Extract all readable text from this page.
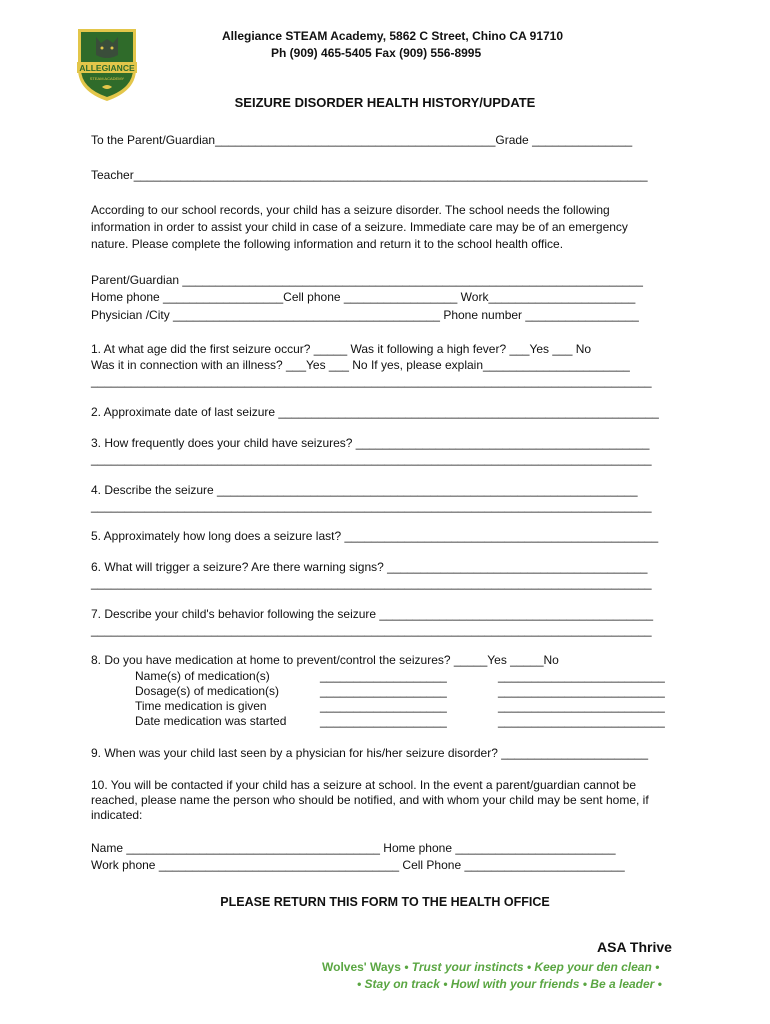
ALLEGIANCE
STEAM ACADEMY
Allegiance STEAM Academy, 5862 C Street, Chino CA 91710
Ph (909) 465-5405 Fax (909) 556-8995
SEIZURE DISORDER HEALTH HISTORY/UPDATE
To the Parent/Guardian__________________________________________Grade _______________
Teacher_____________________________________________________________________________
According to our school records, your child has a seizure disorder. The school needs the following
information in order to assist your child in case of a seizure. Immediate care may be of an emergency
nature. Please complete the following information and return it to the school health office.
Parent/Guardian _____________________________________________________________________
Home phone __________________Cell phone _________________ Work______________________
Physician /City ________________________________________ Phone number _________________
1. At what age did the first seizure occur? _____ Was it following a high fever? ___Yes ___ No
Was it in connection with an illness? ___Yes ___ No If yes, please explain______________________
____________________________________________________________________________________
2. Approximate date of last seizure _________________________________________________________
3. How frequently does your child have seizures? ____________________________________________
____________________________________________________________________________________
4. Describe the seizure _______________________________________________________________
____________________________________________________________________________________
5. Approximately how long does a seizure last? _______________________________________________
6. What will trigger a seizure? Are there warning signs? _______________________________________
____________________________________________________________________________________
7. Describe your child's behavior following the seizure _________________________________________
____________________________________________________________________________________
8. Do you have medication at home to prevent/control the seizures? _____Yes _____No
Name(s) of medication(s)	___________________	_________________________
Dosage(s) of medication(s)	___________________	_________________________
Time medication is given	___________________	_________________________
Date medication was started	___________________	_________________________
9. When was your child last seen by a physician for his/her seizure disorder? ______________________
10. You will be contacted if your child has a seizure at school. In the event a parent/guardian cannot be
reached, please name the person who should be notified, and with whom your child may be sent home, if
indicated:
Name ______________________________________ Home phone ________________________
Work phone ____________________________________ Cell Phone ________________________
PLEASE RETURN THIS FORM TO THE HEALTH OFFICE
ASA Thrive
Wolves' Ways • Trust your instincts • Keep your den clean •
• Stay on track • Howl with your friends • Be a leader •
